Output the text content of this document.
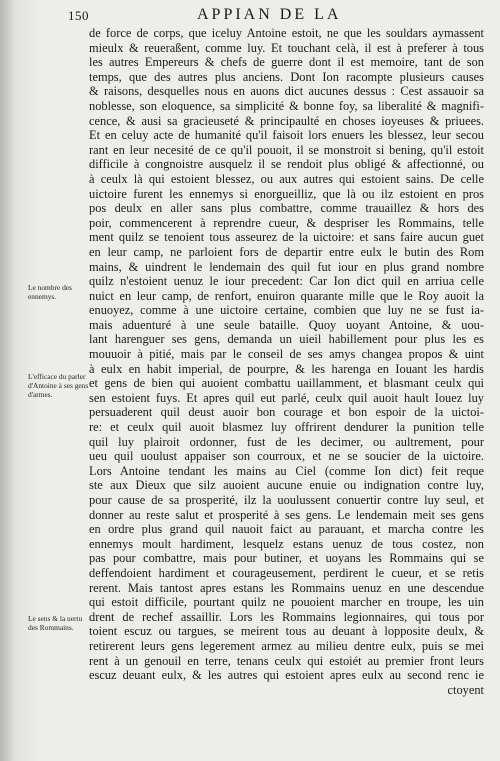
150	APPIAN DE LA
Le nombre des ennemys.
L'efficace du parler d'Antoine à ses gens d'armes.
Le sens & la uertu des Rommains.
de force de corps, que iceluy Antoine estoit, ne que les souldars aymassent
mieulx & reueraßent, comme luy. Et touchant celà, il est à preferer à tous
les autres Empereurs & chefs de guerre dont il est memoire, tant de son
temps, que des autres plus anciens. Dont Ion racompte plusieurs causes
& raisons, desquelles nous en auons dict aucunes dessus : Cest assauoir sa
noblesse, son eloquence, sa simplicité & bonne foy, sa liberalité & magnifi-
cence, & ausi sa gracieuseté & principaulté en choses ioyeuses & priuees.
Et en celuy acte de humanité qu'il faisoit lors enuers les blessez, leur secou
rant en leur necesité de ce qu'il pouoit, il se monstroit si bening, qu'il estoit
difficile à congnoistre ausquelz il se rendoit plus obligé & affectionné, ou
à ceulx là qui estoient blessez, ou aux autres qui estoient sains. De celle
uictoire furent les ennemys si enorgueilliz, que là ou ilz estoient en pros
pos deulx en aller sans plus combattre, comme trauaillez & hors des
poir, commencerent à reprendre cueur, & despriser les Rommains, telle
ment quilz se tenoient tous asseurez de la uictoire: et sans faire aucun guet
en leur camp, ne parloient fors de departir entre eulx le butin des Rom
mains, & uindrent le lendemain des quil fut iour en plus grand nombre
quilz n'estoient uenuz le iour precedent: Car Ion dict quil en arriua celle
nuict en leur camp, de renfort, enuiron quarante mille que le Roy auoit la
enuoyez, comme à une uictoire certaine, combien que luy ne se fust ia-
mais aduenturé à une seule bataille. Quoy uoyant Antoine, & uou-
lant harenguer ses gens, demanda un uieil habillement pour plus les es
mouuoir à pitié, mais par le conseil de ses amys changea propos & uint
à eulx en habit imperial, de pourpre, & les harenga en Iouant les hardis
et gens de bien qui auoient combattu uaillamment, et blasmant ceulx qui
sen estoient fuys. Et apres quil eut parlé, ceulx quil auoit hault Iouez luy
persuaderent quil deust auoir bon courage et bon espoir de la uictoi-
re: et ceulx quil auoit blasmez luy offrirent dendurer la punition telle
quil luy plairoit ordonner, fust de les decimer, ou aultrement, pour
ueu quil uoulust appaiser son courroux, et ne se soucier de la uictoire.
Lors Antoine tendant les mains au Ciel (comme Ion dict) feit reque
ste aux Dieux que silz auoient aucune enuie ou indignation contre luy,
pour cause de sa prosperité, ilz la uoulussent conuertir contre luy seul, et
donner au reste salut et prosperité à ses gens. Le lendemain meit ses gens
en ordre plus grand quil nauoit faict au parauant, et marcha contre les
ennemys moult hardiment, lesquelz estans uenuz de tous costez, non
pas pour combattre, mais pour butiner, et uoyans les Rommains qui se
deffendoient hardiment et courageusement, perdirent le cueur, et se retis
rerent. Mais tantost apres estans les Rommains uenuz en une descendue
qui estoit difficile, pourtant quilz ne pouoient marcher en troupe, les uin
drent de rechef assaillir. Lors les Rommains legionnaires, qui tous por
toient escuz ou targues, se meirent tous au deuant à lopposite deulx, &
retirerent leurs gens legerement armez au milieu dentre eulx, puis se mei
rent à un genouil en terre, tenans ceulx qui estoiét au premier front leurs
escuz deuant eulx, & les autres qui estoient apres eulx au second renc ie
ctoyent
